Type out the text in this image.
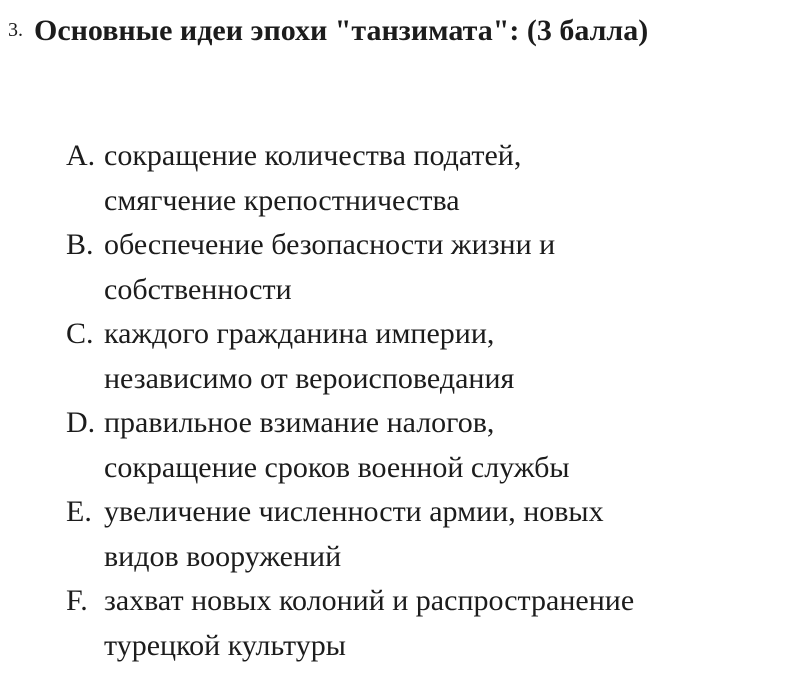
3. Основные идеи эпохи "танзимата": (3 балла)
A. сокращение количества податей,
смягчение крепостничества
B. обеспечение безопасности жизни и
собственности
C. каждого гражданина империи,
независимо от вероисповедания
D. правильное взимание налогов,
сокращение сроков военной службы
E. увеличение численности армии, новых
видов вооружений
F. захват новых колоний и распространение
турецкой культуры
